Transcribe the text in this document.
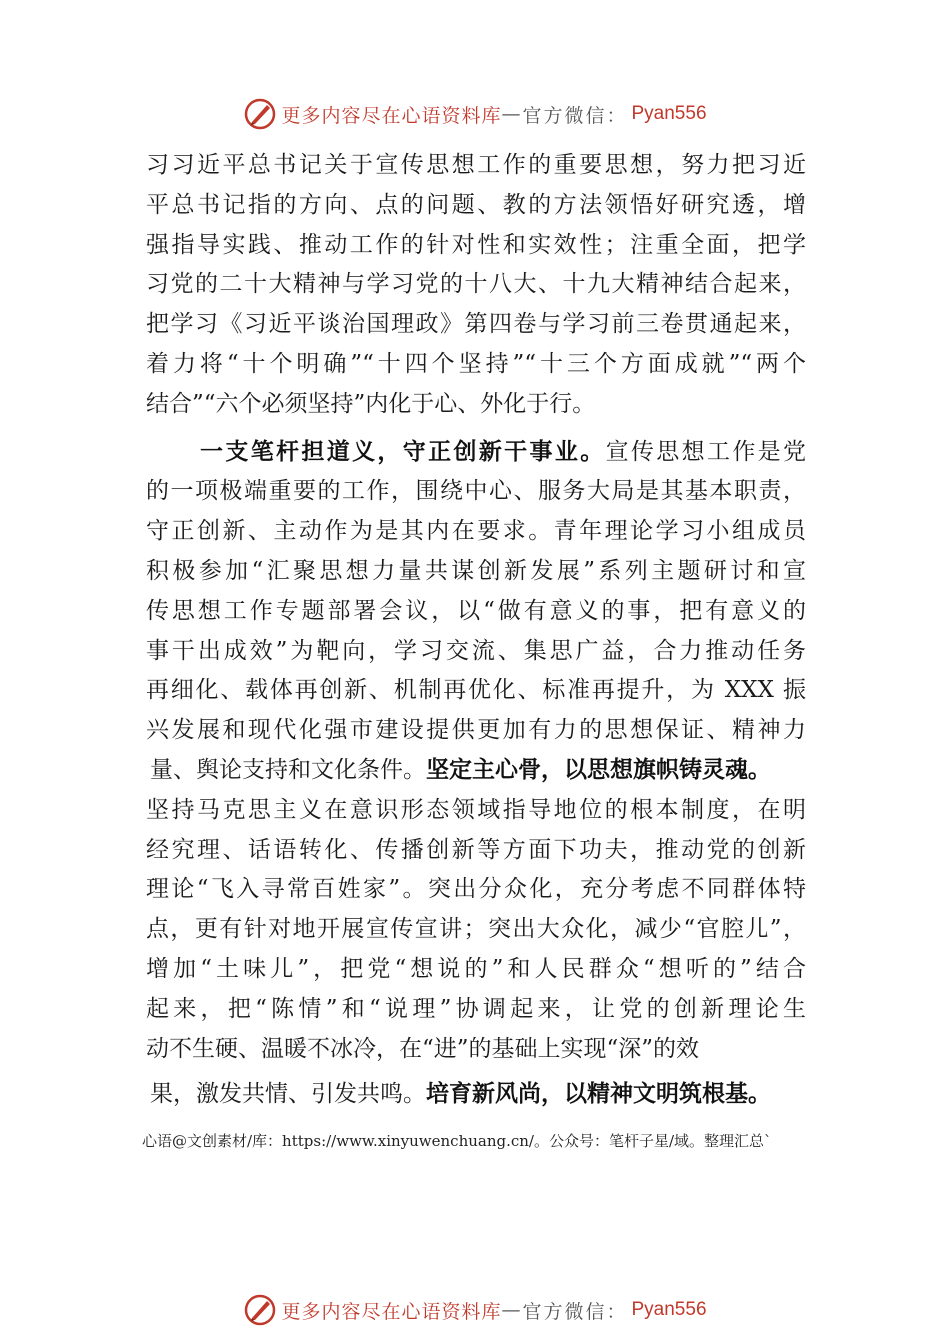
更多内容尽在心语资料库 — 官方微信： Pyan556
习习近平总书记关于宣传思想工作的重要思想，努力把习近
平总书记指的方向、点的问题、教的方法领悟好研究透，增
强指导实践、推动工作的针对性和实效性；注重全面，把学
习党的二十大精神与学习党的十八大、十九大精神结合起来，
把学习《习近平谈治国理政》第四卷与学习前三卷贯通起来，
着力将“十个明确”“十四个坚持”“十三个方面成就”“两个
结合”“六个必须坚持”内化于心、外化于行。
一支笔杆担道义，守正创新干事业。宣传思想工作是党
的一项极端重要的工作，围绕中心、服务大局是其基本职责，
守正创新、主动作为是其内在要求。青年理论学习小组成员
积极参加“汇聚思想力量共谋创新发展”系列主题研讨和宣
传思想工作专题部署会议，以“做有意义的事，把有意义的
事干出成效”为靶向，学习交流、集思广益，合力推动任务
再细化、载体再创新、机制再优化、标准再提升，为 XXX 振
兴发展和现代化强市建设提供更加有力的思想保证、精神力
量、舆论支持和文化条件。坚定主心骨，以思想旗帜铸灵魂。
坚持马克思主义在意识形态领域指导地位的根本制度，在明
经究理、话语转化、传播创新等方面下功夫，推动党的创新
理论“飞入寻常百姓家”。突出分众化，充分考虑不同群体特
点，更有针对地开展宣传宣讲；突出大众化，减少“官腔儿”，
增加“土味儿”，把党“想说的”和人民群众“想听的”结合
起来，把“陈情”和“说理”协调起来，让党的创新理论生
动不生硬、温暖不冰冷，在“进”的基础上实现“深”的效
果，激发共情、引发共鸣。培育新风尚，以精神文明筑根基。
心语@文创素材/库：https://www.xinyuwenchuang.cn/。公众号：笔杆子星/域。整理汇总`
更多内容尽在心语资料库 — 官方微信： Pyan556
